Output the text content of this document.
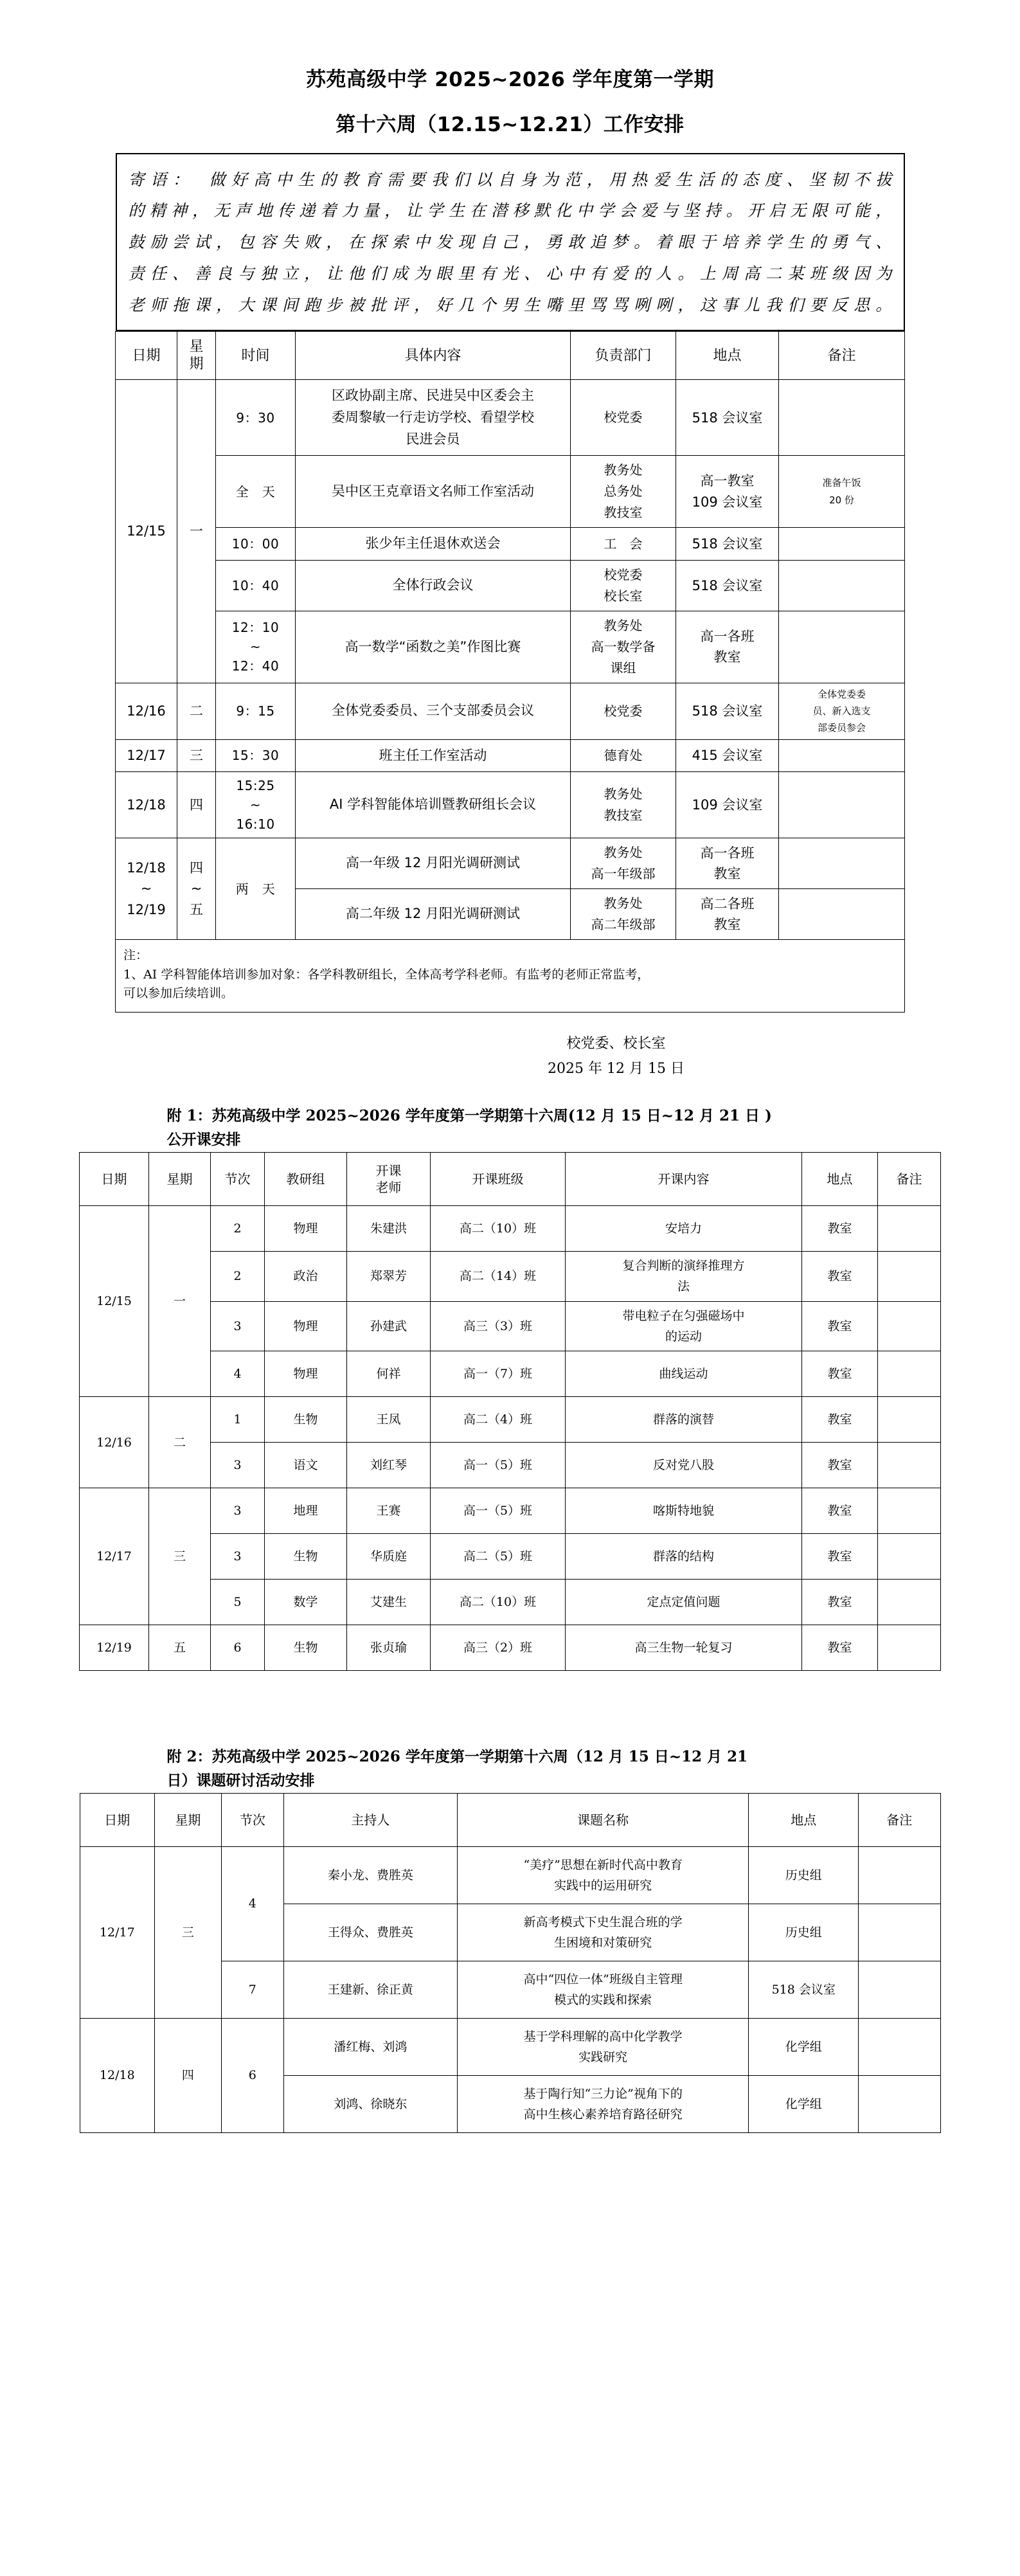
苏苑高级中学 2025~2026 学年度第一学期
第十六周（12.15~12.21）工作安排
寄语：　做好高中生的教育需要我们以自身为范，用热爱生活的态度、坚韧不拔
的精神，无声地传递着力量，让学生在潜移默化中学会爱与坚持。开启无限可能，
鼓励尝试，包容失败，在探索中发现自己，勇敢追梦。着眼于培养学生的勇气、
责任、善良与独立，让他们成为眼里有光、心中有爱的人。上周高二某班级因为
老师拖课，大课间跑步被批评，好几个男生嘴里骂骂咧咧，这事儿我们要反思。
日期	星
期	时间	具体内容	负责部门	地点	备注
12/15	一	9：30	区政协副主席、民进吴中区委会主
委周黎敏一行走访学校、看望学校
民进会员	校党委	518 会议室	
		全　天	吴中区王克章语文名师工作室活动	教务处
总务处
教技室	高一教室
109 会议室	准备午饭
20 份
		10：00	张少年主任退休欢送会	工　会	518 会议室	
		10：40	全体行政会议	校党委
校长室	518 会议室	
		12：10
~
12：40	高一数学“函数之美”作图比赛	教务处
高一数学备
课组	高一各班
教室	
12/16	二	9：15	全体党委委员、三个支部委员会议	校党委	518 会议室	全体党委委
员、新入选支
部委员参会
12/17	三	15：30	班主任工作室活动	德育处	415 会议室	
12/18	四	15:25
~
16:10	AI 学科智能体培训暨教研组长会议	教务处
教技室	109 会议室	
12/18
~
12/19	四
~
五	两　天	高一年级 12 月阳光调研测试	教务处
高一年级部	高一各班
教室	
			高二年级 12 月阳光调研测试	教务处
高二年级部	高二各班
教室	

注：
1、AI 学科智能体培训参加对象：各学科教研组长，全体高考学科老师。有监考的老师正常监考，
可以参加后续培训。						
校党委、校长室
2025 年 12 月 15 日
附 1：苏苑高级中学 2025~2026 学年度第一学期第十六周(12 月 15 日~12 月 21 日 )
公开课安排
日期	星期	节次	教研组	开课
老师	开课班级	开课内容	地点	备注
12/15	一	2	物理	朱建洪	高二（10）班	安培力	教室	
		2	政治	郑翠芳	高二（14）班	复合判断的演绎推理方
法	教室	
		3	物理	孙建武	高三（3）班	带电粒子在匀强磁场中
的运动	教室	
		4	物理	何祥	高一（7）班	曲线运动	教室	
12/16	二	1	生物	王凤	高二（4）班	群落的演替	教室	
		3	语文	刘红琴	高一（5）班	反对党八股	教室	
12/17	三	3	地理	王赛	高一（5）班	喀斯特地貌	教室	
		3	生物	华质庭	高二（5）班	群落的结构	教室	
		5	数学	艾建生	高二（10）班	定点定值问题	教室	
12/19	五	6	生物	张贞瑜	高三（2）班	高三生物一轮复习	教室	
附 2：苏苑高级中学 2025~2026 学年度第一学期第十六周（12 月 15 日~12 月 21
日）课题研讨活动安排
日期	星期	节次	主持人	课题名称	地点	备注
12/17	三	4	秦小龙、费胜英	“美疗”思想在新时代高中教育
实践中的运用研究	历史组	
			王得众、费胜英	新高考模式下史生混合班的学
生困境和对策研究	历史组	
		7	王建新、徐正黄	高中“四位一体”班级自主管理
模式的实践和探索	518 会议室	
12/18	四	6	潘红梅、刘鸿	基于学科理解的高中化学教学
实践研究	化学组	
			刘鸿、徐晓东	基于陶行知“三力论”视角下的
高中生核心素养培育路径研究	化学组	
